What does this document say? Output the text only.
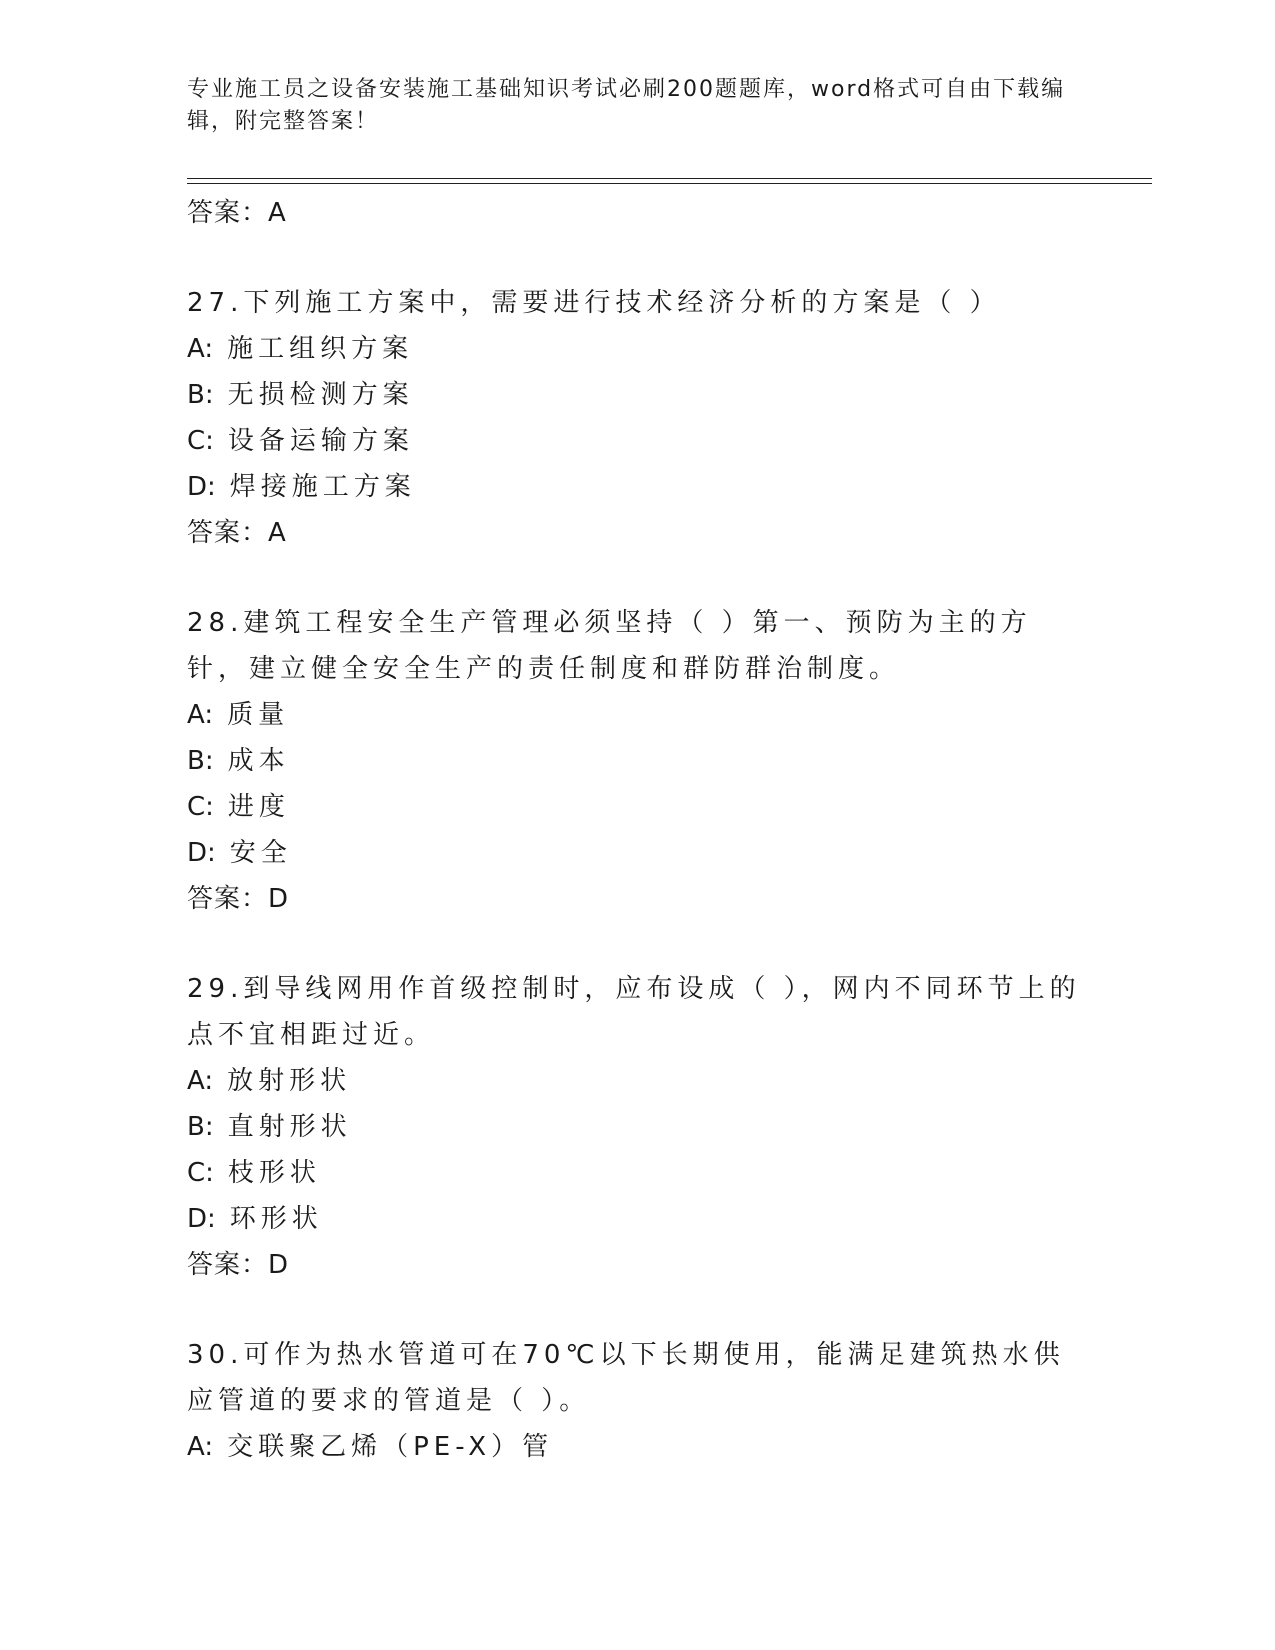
专业施工员之设备安装施工基础知识考试必刷200题题库，word格式可自由下载编辑，附完整答案！
答案：A
27.下列施工方案中，需要进行技术经济分析的方案是（ ）
A: 施工组织方案
B: 无损检测方案
C: 设备运输方案
D: 焊接施工方案
答案：A
28.建筑工程安全生产管理必须坚持（ ）第一、预防为主的方针，建立健全安全生产的责任制度和群防群治制度。
A: 质量
B: 成本
C: 进度
D: 安全
答案：D
29.到导线网用作首级控制时，应布设成（ ），网内不同环节上的点不宜相距过近。
A: 放射形状
B: 直射形状
C: 枝形状
D: 环形状
答案：D
30.可作为热水管道可在70℃以下长期使用，能满足建筑热水供应管道的要求的管道是（ ）。
A: 交联聚乙烯（PE-X）管
